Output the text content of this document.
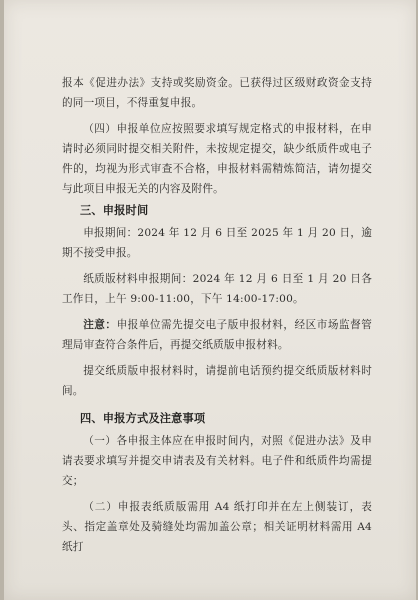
报本《促进办法》支持或奖励资金。已获得过区级财政资金支持的同一项目，不得重复申报。

（四）申报单位应按照要求填写规定格式的申报材料，在申请时必须同时提交相关附件，未按规定提交，缺少纸质件或电子件的，均视为形式审查不合格，申报材料需精炼简洁，请勿提交与此项目申报无关的内容及附件。

三、申报时间

申报期间：2024 年 12 月 6 日至 2025 年 1 月 20 日，逾期不接受申报。

纸质版材料申报期间：2024 年 12 月 6 日至 1 月 20 日各工作日，上午 9:00-11:00，下午 14:00-17:00。

注意：申报单位需先提交电子版申报材料，经区市场监督管理局审查符合条件后，再提交纸质版申报材料。

提交纸质版申报材料时，请提前电话预约提交纸质版材料时间。

四、申报方式及注意事项

（一）各申报主体应在申报时间内，对照《促进办法》及申请表要求填写并提交申请表及有关材料。电子件和纸质件均需提交；

（二）申报表纸质版需用 A4 纸打印并在左上侧装订，表头、指定盖章处及骑缝处均需加盖公章；相关证明材料需用 A4 纸打
